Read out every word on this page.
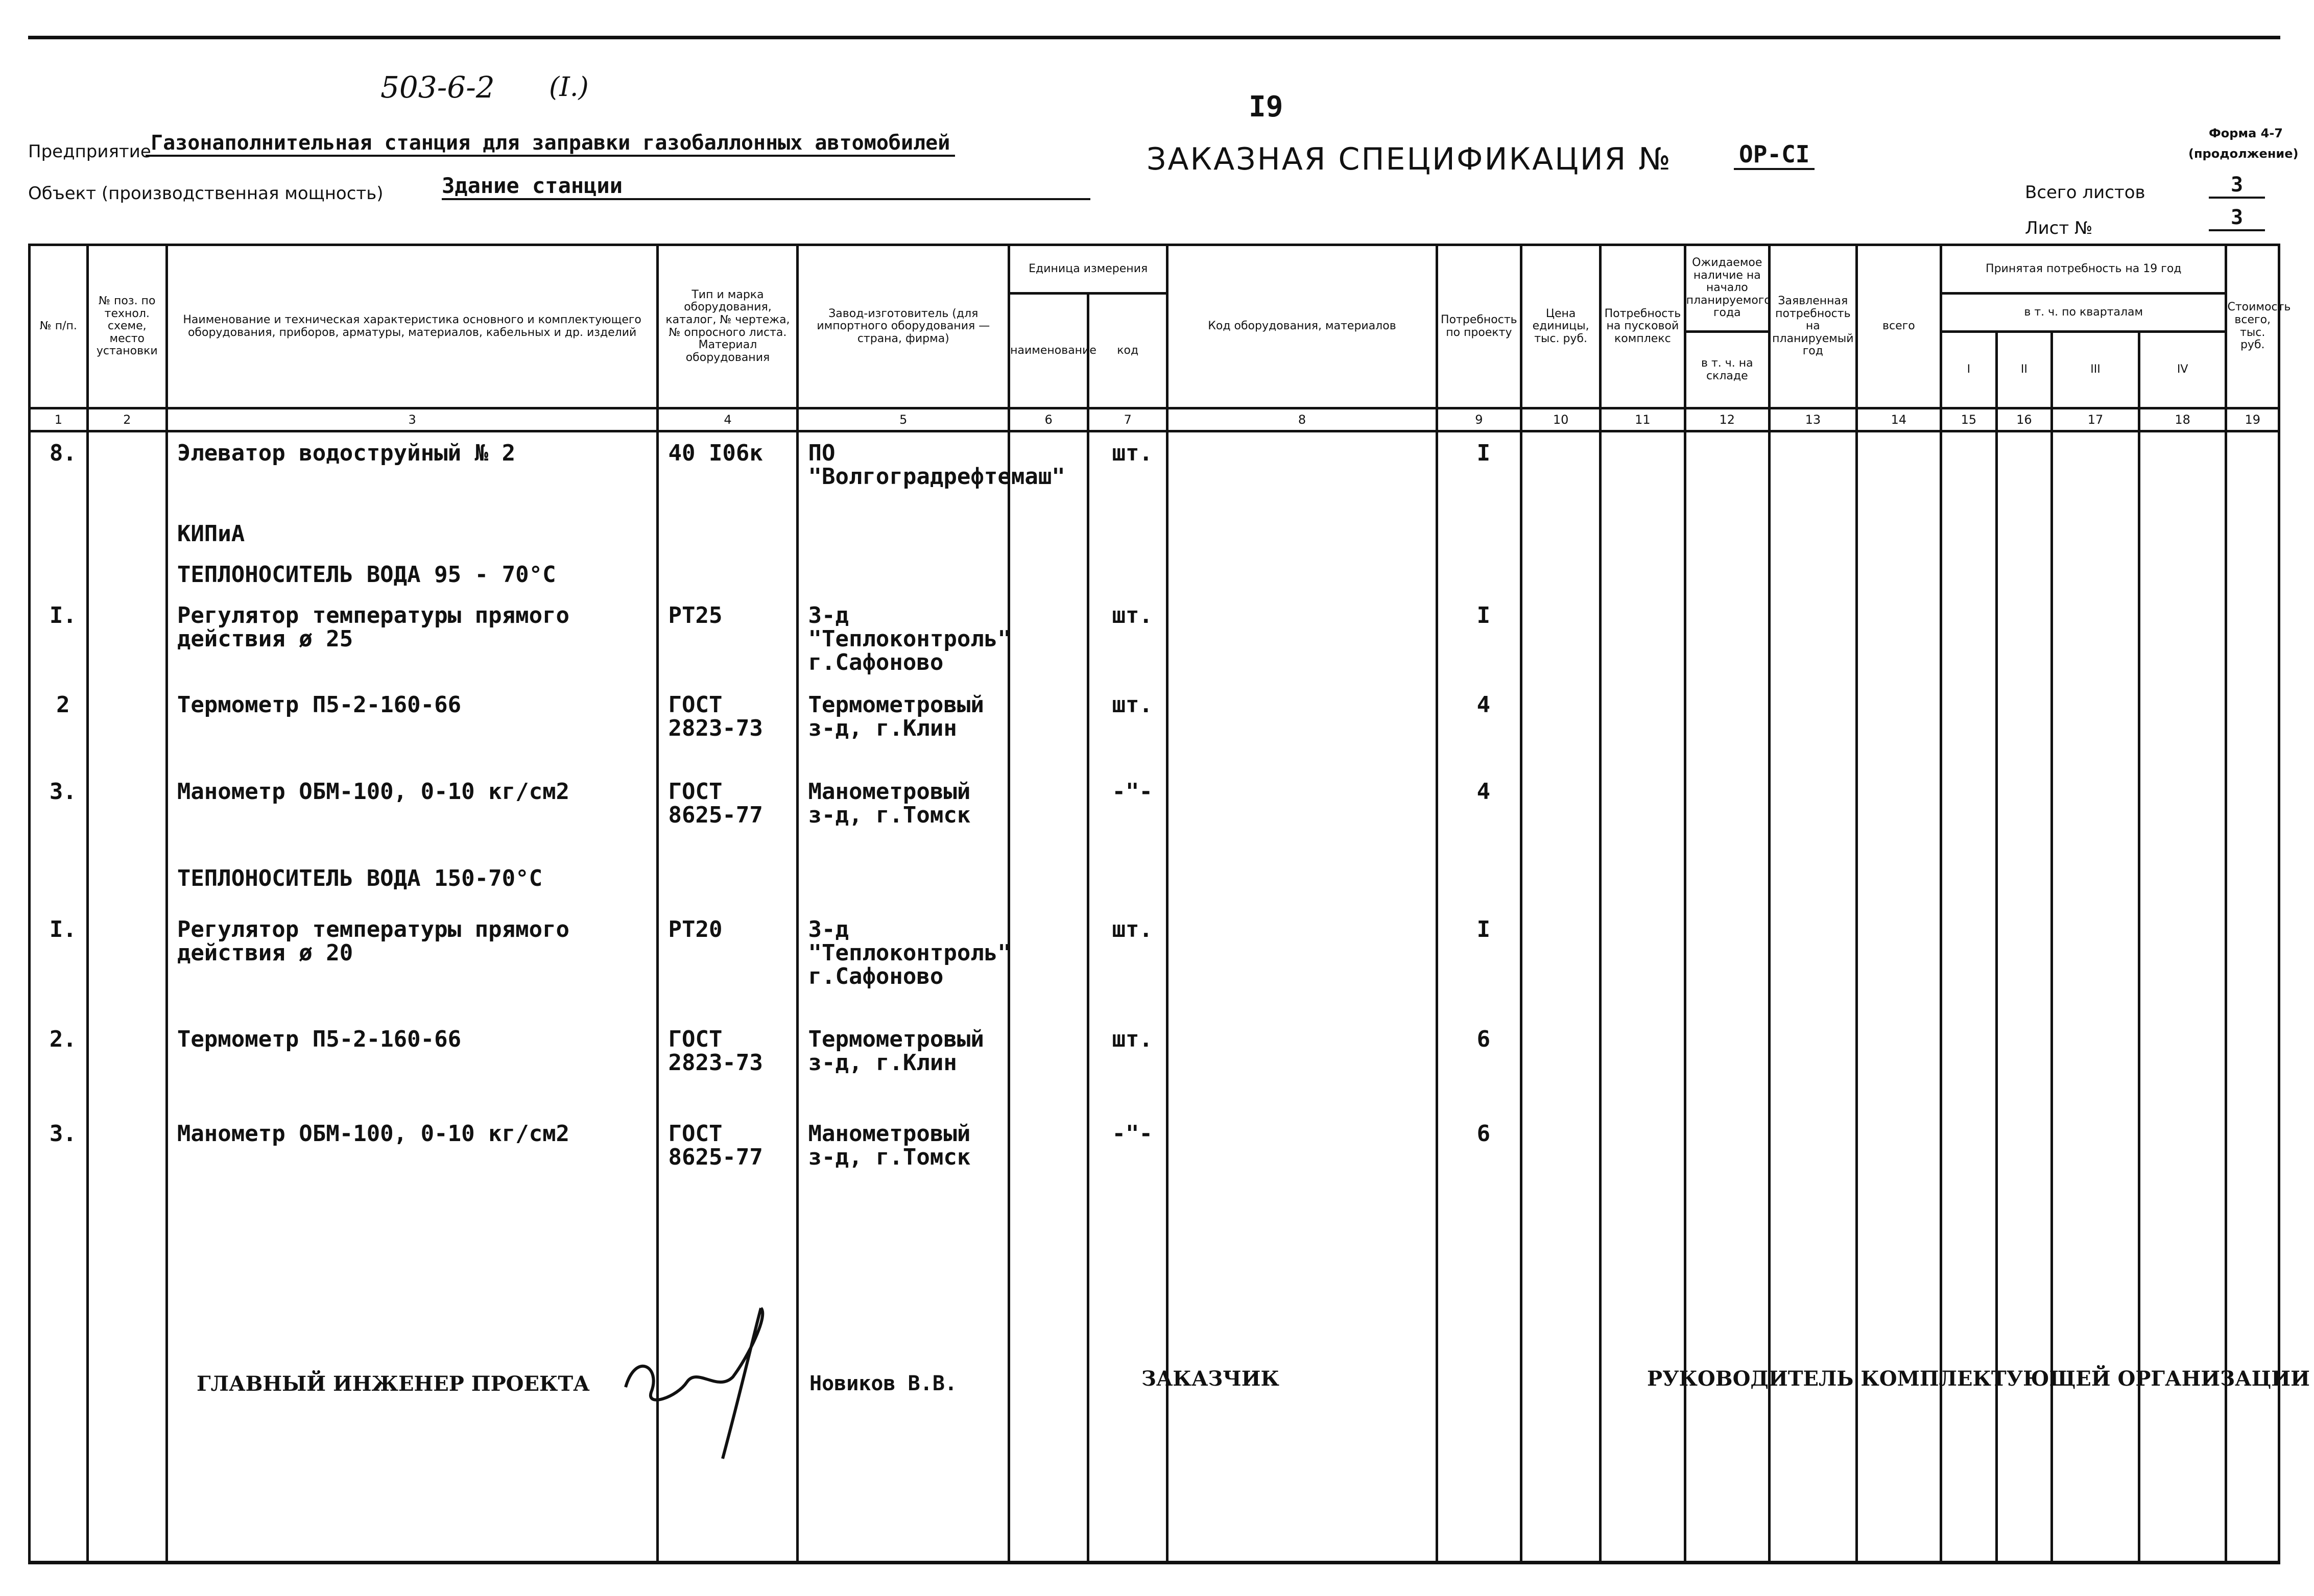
503-6-2 (I.)
I9
Форма 4-7
(продолжение)
Предприятие Газонаполнительная станция для заправки газобаллонных автомобилей	ЗАКАЗНАЯ СПЕЦИФИКАЦИЯ №	ОР-СI
Объект (производственная мощность)	Здание станции	Всего листов	3
Лист №	3
№ п/п.	№ поз. по технол. схеме, место установки	Наименование и техническая характеристика основного и комплектующего оборудования, приборов, арматуры, материалов, кабельных и др. изделий	Тип и марка оборудования, каталог, № чертежа, № опросного листа. Материал оборудования	Завод-изготовитель (для импортного оборудования — страна, фирма)	Единица измерения		Код оборудования, материалов	Потребность по проекту	Цена единицы, тыс. руб.	Потребность на пусковой комплекс	Ожидаемое наличие на начало планируемого года	Заявленная потребность на планируемый год	всего	Принятая потребность на 19 год				Стоимость всего, тыс. руб.
					наименование	код								в т. ч. по кварталам				
											в т. ч. на складе			I	II	III	IV	
1	2	3	4	5	6	7	8	9	10	11	12	13	14	15	16	17	18	19

8.		Элеватор водоструйный № 2	40 I06к	ПО "Волгоградрефтемаш"		шт.		I										

		КИПиА																

		ТЕПЛОНОСИТЕЛЬ ВОДА 95 - 70°С																

I.		Регулятор температуры прямого действия ø 25	РТ25	З-д "Теплоконтроль" г.Сафоново		шт.		I										

2		Термометр П5-2-160-66	ГОСТ 2823-73	Термометровый з-д, г.Клин		шт.		4										

3.		Манометр ОБМ-100, 0-10 кг/см2	ГОСТ 8625-77	Манометровый з-д, г.Томск		-"-		4										

		ТЕПЛОНОСИТЕЛЬ ВОДА 150-70°С																

I.		Регулятор температуры прямого действия ø 20	РТ20	З-д "Теплоконтроль" г.Сафоново		шт.		I										

2.		Термометр П5-2-160-66	ГОСТ 2823-73	Термометровый з-д, г.Клин		шт.		6										

3.		Манометр ОБМ-100, 0-10 кг/см2	ГОСТ 8625-77	Манометровый з-д, г.Томск		-"-		6										

ГЛАВНЫЙ ИНЖЕНЕР ПРОЕКТА	Новиков В.В.	ЗАКАЗЧИК	РУКОВОДИТЕЛЬ КОМПЛЕКТУЮЩЕЙ ОРГАНИЗАЦИИ
